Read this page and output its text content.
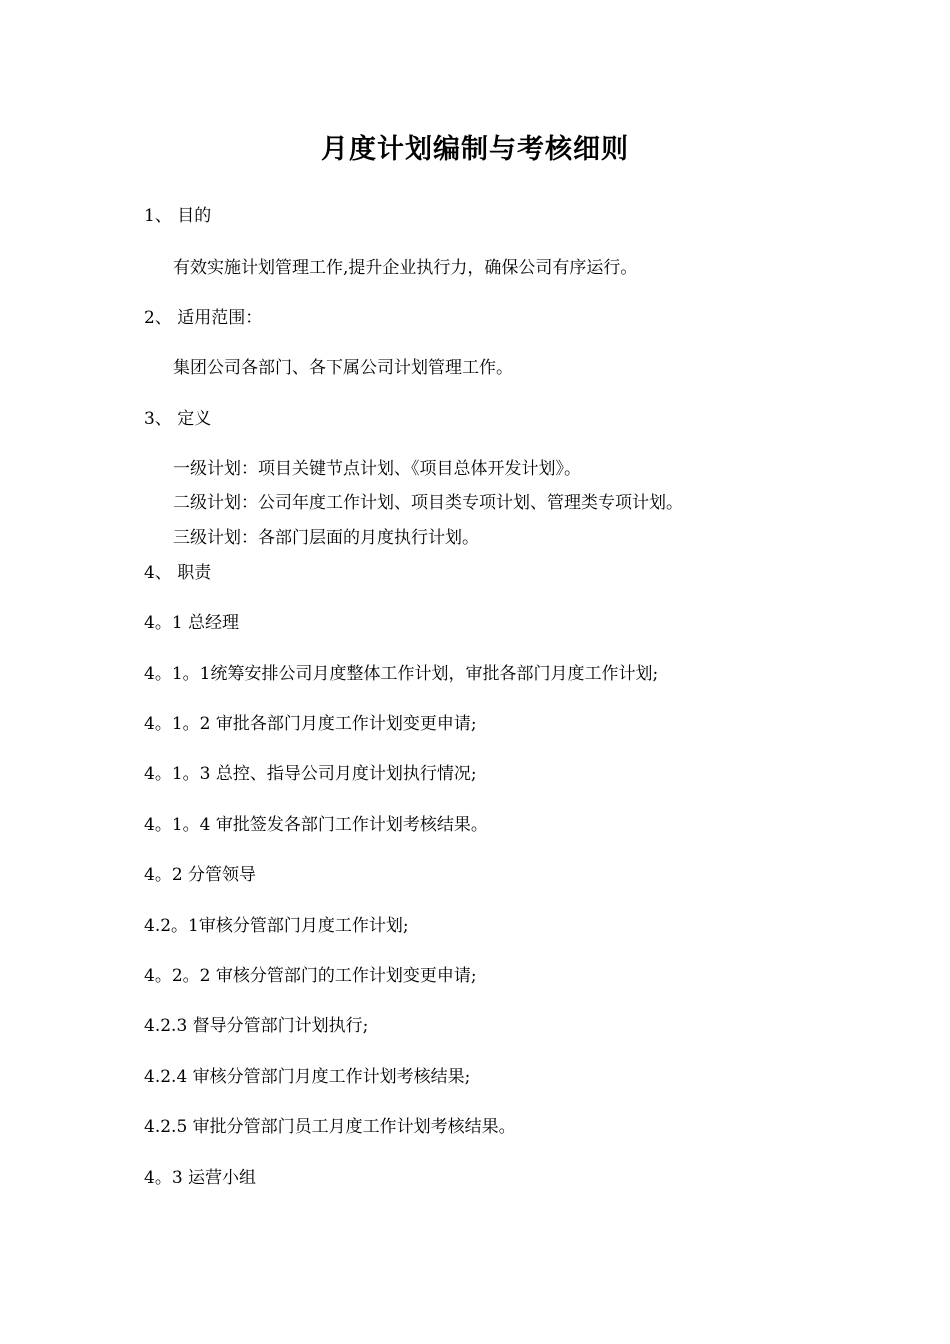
月度计划编制与考核细则
1、 目的
有效实施计划管理工作,提升企业执行力，确保公司有序运行。
2、 适用范围：
集团公司各部门、各下属公司计划管理工作。
3、 定义
一级计划：项目关键节点计划、《项目总体开发计划》。
二级计划：公司年度工作计划、项目类专项计划、管理类专项计划。
三级计划：各部门层面的月度执行计划。
4、 职责
4。1 总经理
4。1。1统筹安排公司月度整体工作计划，审批各部门月度工作计划;
4。1。2 审批各部门月度工作计划变更申请;
4。1。3 总控、指导公司月度计划执行情况;
4。1。4 审批签发各部门工作计划考核结果。
4。2 分管领导
4.2。1审核分管部门月度工作计划;
4。2。2 审核分管部门的工作计划变更申请;
4.2.3 督导分管部门计划执行;
4.2.4 审核分管部门月度工作计划考核结果;
4.2.5 审批分管部门员工月度工作计划考核结果。
4。3 运营小组
